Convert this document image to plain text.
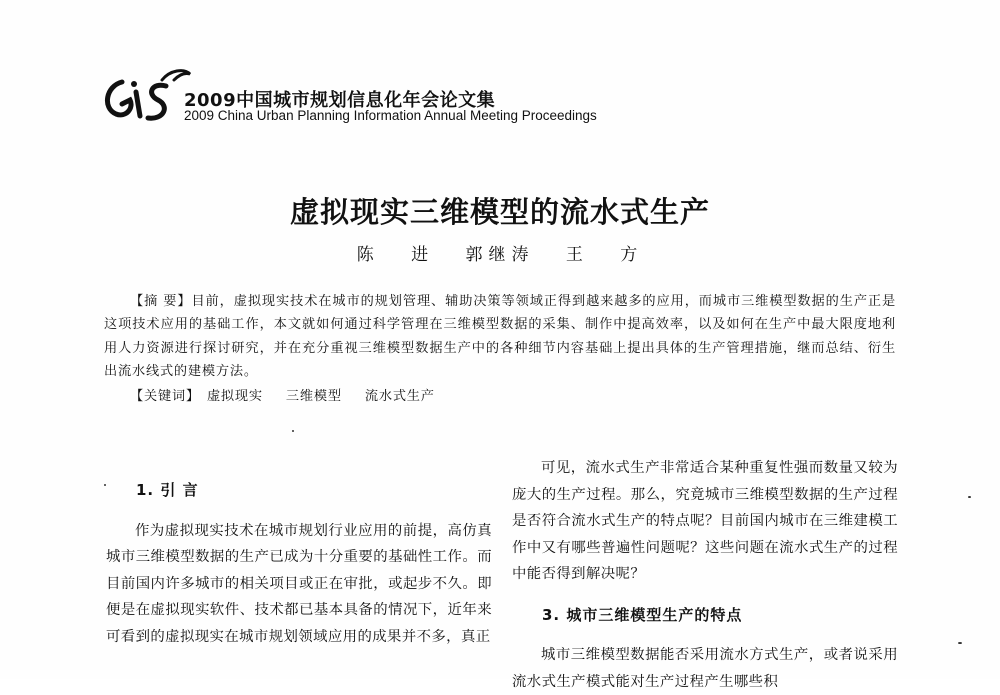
2009中国城市规划信息化年会论文集
2009 China Urban Planning Information Annual Meeting Proceedings
虚拟现实三维模型的流水式生产
陈 进 郭继涛 王 方
【摘 要】目前，虚拟现实技术在城市的规划管理、辅助决策等领域正得到越来越多的应用，而城市三维模型数据的生产正是这项技术应用的基础工作，本文就如何通过科学管理在三维模型数据的采集、制作中提高效率，以及如何在生产中最大限度地利用人力资源进行探讨研究，并在充分重视三维模型数据生产中的各种细节内容基础上提出具体的生产管理措施，继而总结、衍生出流水线式的建模方法。
【关键词】 虚拟现实 三维模型 流水式生产
1. 引 言

作为虚拟现实技术在城市规划行业应用的前提，高仿真城市三维模型数据的生产已成为十分重要的基础性工作。而目前国内许多城市的相关项目或正在审批，或起步不久。即便是在虚拟现实软件、技术都已基本具备的情况下，近年来可看到的虚拟现实在城市规划领域应用的成果并不多，真正

可见，流水式生产非常适合某种重复性强而数量又较为庞大的生产过程。那么，究竟城市三维模型数据的生产过程是否符合流水式生产的特点呢？目前国内城市在三维建模工作中又有哪些普遍性问题呢？这些问题在流水式生产的过程中能否得到解决呢？

3. 城市三维模型生产的特点

城市三维模型数据能否采用流水方式生产，或者说采用流水式生产模式能对生产过程产生哪些积
